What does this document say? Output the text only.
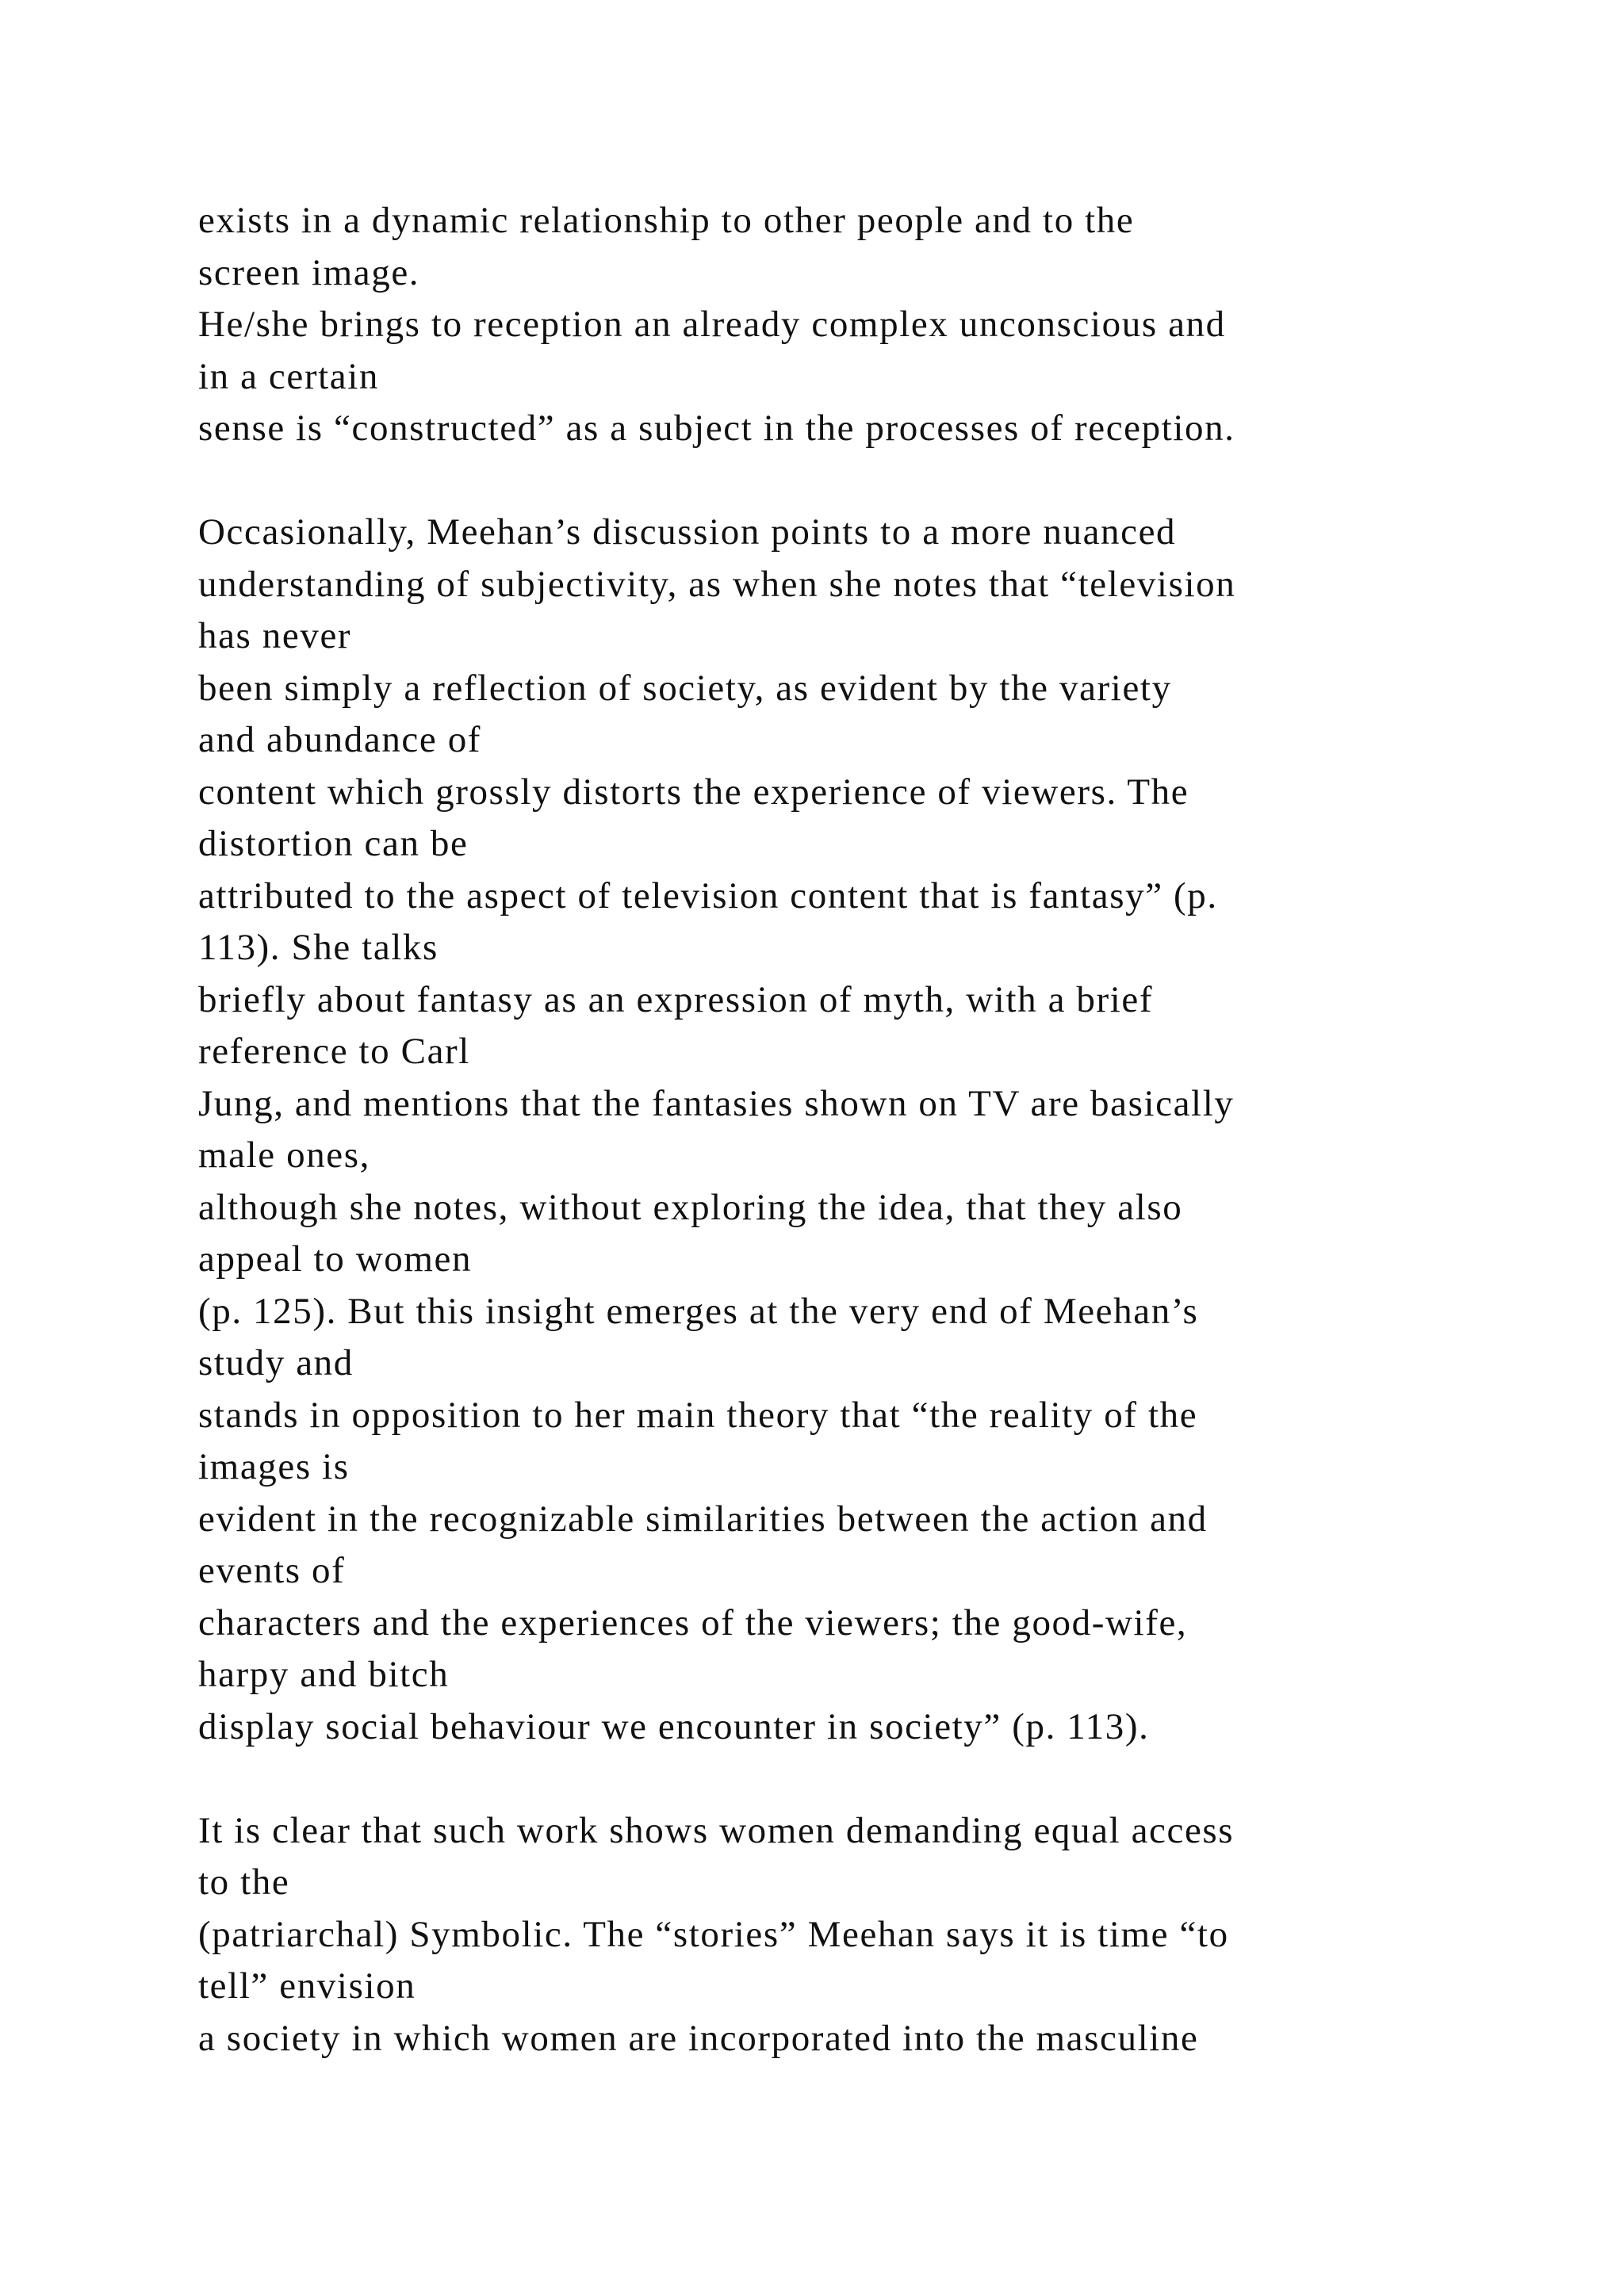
exists in a dynamic relationship to other people and to the
screen image.
He/she brings to reception an already complex unconscious and
in a certain
sense is “constructed” as a subject in the processes of reception.
Occasionally, Meehan’s discussion points to a more nuanced
understanding of subjectivity, as when she notes that “television
has never
been simply a reflection of society, as evident by the variety
and abundance of
content which grossly distorts the experience of viewers. The
distortion can be
attributed to the aspect of television content that is fantasy” (p.
113). She talks
briefly about fantasy as an expression of myth, with a brief
reference to Carl
Jung, and mentions that the fantasies shown on TV are basically
male ones,
although she notes, without exploring the idea, that they also
appeal to women
(p. 125). But this insight emerges at the very end of Meehan’s
study and
stands in opposition to her main theory that “the reality of the
images is
evident in the recognizable similarities between the action and
events of
characters and the experiences of the viewers; the good-wife,
harpy and bitch
display social behaviour we encounter in society” (p. 113).
It is clear that such work shows women demanding equal access
to the
(patriarchal) Symbolic. The “stories” Meehan says it is time “to
tell” envision
a society in which women are incorporated into the masculine
